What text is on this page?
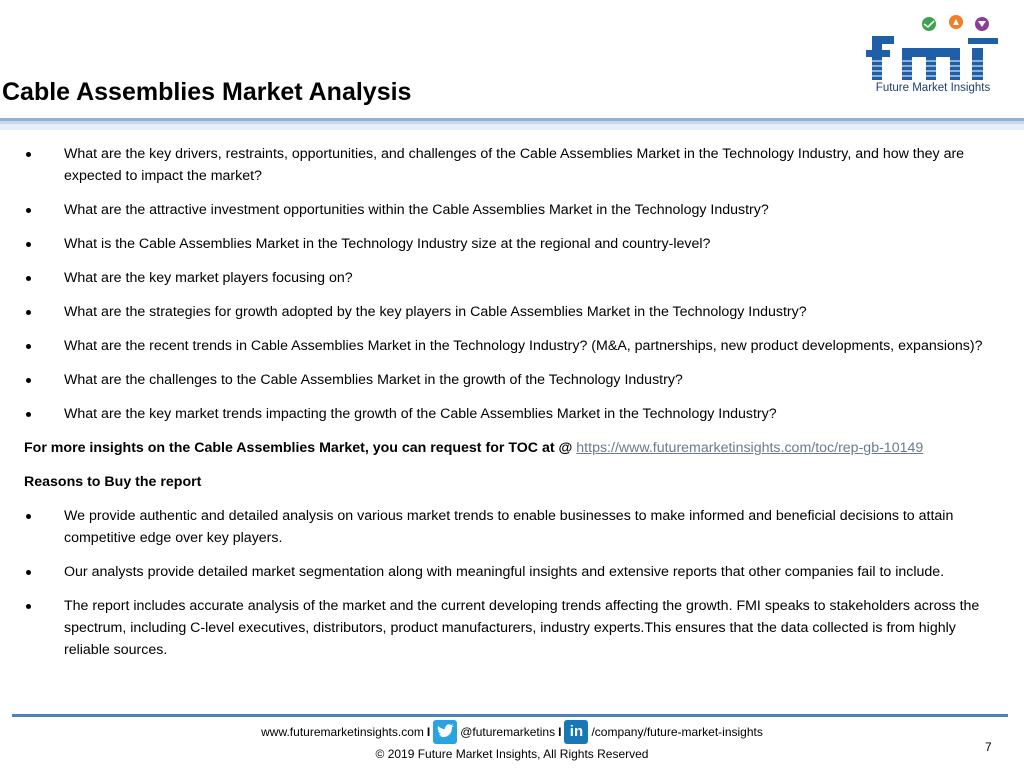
Cable Assemblies Market Analysis	Future Market Insights
What are the key drivers, restraints, opportunities, and challenges of the Cable Assemblies Market in the Technology Industry, and how they are expected to impact the market?
What are the attractive investment opportunities within the Cable Assemblies Market in the Technology Industry?
What is the Cable Assemblies Market in the Technology Industry size at the regional and country-level?
What are the key market players focusing on?
What are the strategies for growth adopted by the key players in Cable Assemblies Market in the Technology Industry?
What are the recent trends in Cable Assemblies Market in the Technology Industry? (M&A, partnerships, new product developments, expansions)?
What are the challenges to the Cable Assemblies Market in the growth of the Technology Industry?
What are the key market trends impacting the growth of the Cable Assemblies Market in the Technology Industry?
For more insights on the Cable Assemblies Market, you can request for TOC at @ https://www.futuremarketinsights.com/toc/rep-gb-10149
Reasons to Buy the report
We provide authentic and detailed analysis on various market trends to enable businesses to make informed and beneficial decisions to attain competitive edge over key players.
Our analysts provide detailed market segmentation along with meaningful insights and extensive reports that other companies fail to include.
The report includes accurate analysis of the market and the current developing trends affecting the growth. FMI speaks to stakeholders across the spectrum, including C-level executives, distributors, product manufacturers, industry experts.This ensures that the data collected is from highly reliable sources.
www.futuremarketinsights.com I	@futuremarketins I in /company/future-market-insights
© 2019 Future Market Insights, All Rights Reserved	7
